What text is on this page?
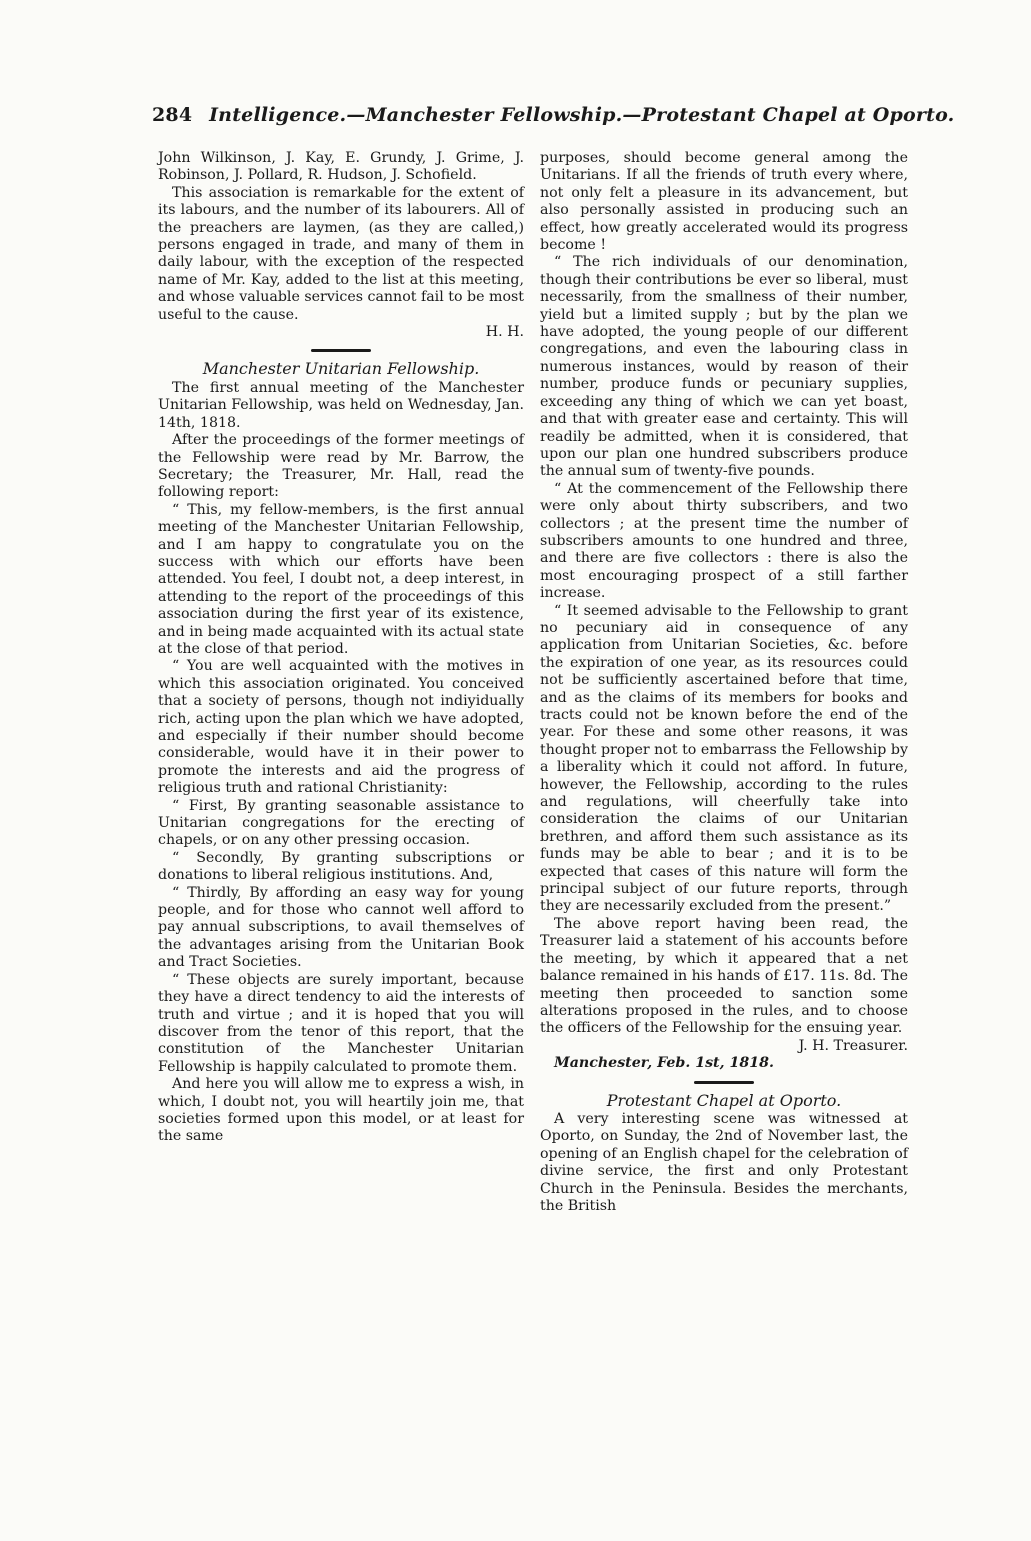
284 Intelligence.—Manchester Fellowship.—Protestant Chapel at Oporto.

John Wilkinson, J. Kay, E. Grundy, J. Grime, J. Robinson, J. Pollard, R. Hudson, J. Schofield.

This association is remarkable for the extent of its labours, and the number of its labourers. All of the preachers are laymen, (as they are called,) persons engaged in trade, and many of them in daily labour, with the exception of the respected name of Mr. Kay, added to the list at this meeting, and whose valuable services cannot fail to be most useful to the cause.

H. H.

Manchester Unitarian Fellowship.

The first annual meeting of the Manchester Unitarian Fellowship, was held on Wednesday, Jan. 14th, 1818.

After the proceedings of the former meetings of the Fellowship were read by Mr. Barrow, the Secretary; the Treasurer, Mr. Hall, read the following report:

“ This, my fellow-members, is the first annual meeting of the Manchester Unitarian Fellowship, and I am happy to congratulate you on the success with which our efforts have been attended. You feel, I doubt not, a deep interest, in attending to the report of the proceedings of this association during the first year of its existence, and in being made acquainted with its actual state at the close of that period.

“ You are well acquainted with the motives in which this association originated. You conceived that a society of persons, though not indiyidually rich, acting upon the plan which we have adopted, and especially if their number should become considerable, would have it in their power to promote the interests and aid the progress of religious truth and rational Christianity:

“ First, By granting seasonable assistance to Unitarian congregations for the erecting of chapels, or on any other pressing occasion.

“ Secondly, By granting subscriptions or donations to liberal religious institutions. And,

“ Thirdly, By affording an easy way for young people, and for those who cannot well afford to pay annual subscriptions, to avail themselves of the advantages arising from the Unitarian Book and Tract Societies.

“ These objects are surely important, because they have a direct tendency to aid the interests of truth and virtue ; and it is hoped that you will discover from the tenor of this report, that the constitution of the Manchester Unitarian Fellowship is happily calculated to promote them.

And here you will allow me to express a wish, in which, I doubt not, you will heartily join me, that societies formed upon this model, or at least for the same

purposes, should become general among the Unitarians. If all the friends of truth every where, not only felt a pleasure in its advancement, but also personally assisted in producing such an effect, how greatly accelerated would its progress become !

“ The rich individuals of our denomination, though their contributions be ever so liberal, must necessarily, from the smallness of their number, yield but a limited supply ; but by the plan we have adopted, the young people of our different congregations, and even the labouring class in numerous instances, would by reason of their number, produce funds or pecuniary supplies, exceeding any thing of which we can yet boast, and that with greater ease and certainty. This will readily be admitted, when it is considered, that upon our plan one hundred subscribers produce the annual sum of twenty-five pounds.

“ At the commencement of the Fellowship there were only about thirty subscribers, and two collectors ; at the present time the number of subscribers amounts to one hundred and three, and there are five collectors : there is also the most encouraging prospect of a still farther increase.

“ It seemed advisable to the Fellowship to grant no pecuniary aid in consequence of any application from Unitarian Societies, &c. before the expiration of one year, as its resources could not be sufficiently ascertained before that time, and as the claims of its members for books and tracts could not be known before the end of the year. For these and some other reasons, it was thought proper not to embarrass the Fellowship by a liberality which it could not afford. In future, however, the Fellowship, according to the rules and regulations, will cheerfully take into consideration the claims of our Unitarian brethren, and afford them such assistance as its funds may be able to bear ; and it is to be expected that cases of this nature will form the principal subject of our future reports, through they are necessarily excluded from the present.”

The above report having been read, the Treasurer laid a statement of his accounts before the meeting, by which it appeared that a net balance remained in his hands of £17. 11s. 8d. The meeting then proceeded to sanction some alterations proposed in the rules, and to choose the officers of the Fellowship for the ensuing year.

J. H. Treasurer.

Manchester, Feb. 1st, 1818.

Protestant Chapel at Oporto.

A very interesting scene was witnessed at Oporto, on Sunday, the 2nd of November last, the opening of an English chapel for the celebration of divine service, the first and only Protestant Church in the Peninsula. Besides the merchants, the British
